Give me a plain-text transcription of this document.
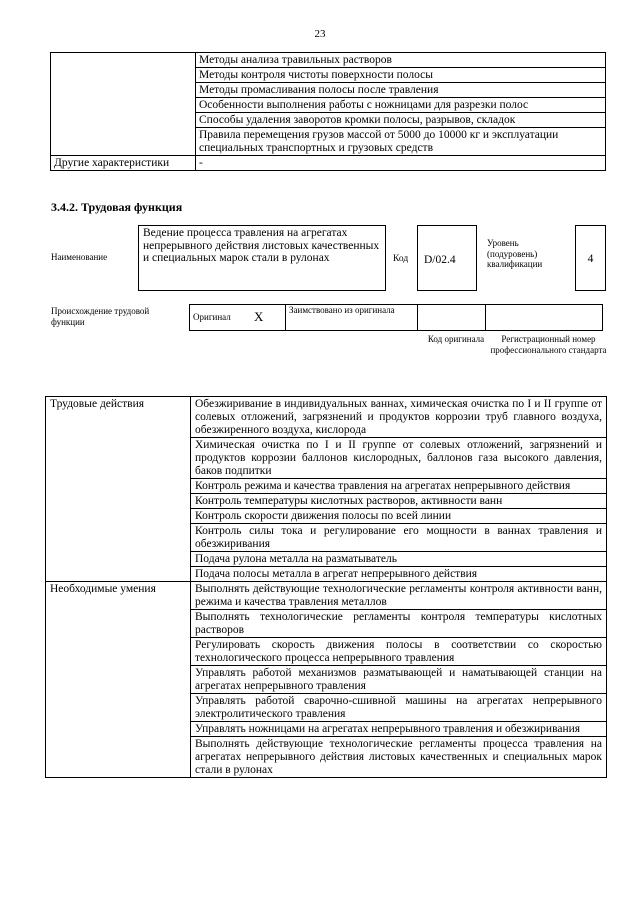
23
	Методы анализа травильных растворов
	Методы контроля чистоты поверхности полосы
	Методы промасливания полосы после травления
	Особенности выполнения работы с ножницами для разрезки полос
	Способы удаления заворотов кромки полосы, разрывов, складок
	Правила перемещения грузов массой от 5000 до 10000 кг и эксплуатации специальных транспортных и грузовых средств
Другие характеристики	-
3.4.2. Трудовая функция
Наименование
Ведение процесса травления на агрегатах непрерывного действия листовых качественных и специальных марок стали в рулонах	Код	D/02.4
Уровень (подуровень) квалификации	4
Происхождение трудовой функции	Оригинал	X	Заимствовано из оригинала		
Код оригинала	Регистрационный номер профессионального стандарта
Трудовые действия	Обезжиривание в индивидуальных ваннах, химическая очистка по I и II группе от солевых отложений, загрязнений и продуктов коррозии труб главного воздуха, обезжиренного воздуха, кислорода
	Химическая очистка по I и II группе от солевых отложений, загрязнений и продуктов коррозии баллонов кислородных, баллонов газа высокого давления, баков подпитки
	Контроль режима и качества травления на агрегатах непрерывного действия
	Контроль температуры кислотных растворов, активности ванн
	Контроль скорости движения полосы по всей линии
	Контроль силы тока и регулирование его мощности в ваннах травления и обезжиривания
	Подача рулона металла на разматыватель
	Подача полосы металла в агрегат непрерывного действия
Необходимые умения	Выполнять действующие технологические регламенты контроля активности ванн, режима и качества травления металлов
	Выполнять технологические регламенты контроля температуры кислотных растворов
	Регулировать скорость движения полосы в соответствии со скоростью технологического процесса непрерывного травления
	Управлять работой механизмов разматывающей и наматывающей станции на агрегатах непрерывного травления
	Управлять работой сварочно-сшивной машины на агрегатах непрерывного электролитического травления
	Управлять ножницами на агрегатах непрерывного травления и обезжиривания
	Выполнять действующие технологические регламенты процесса травления на агрегатах непрерывного действия листовых качественных и специальных марок стали в рулонах
